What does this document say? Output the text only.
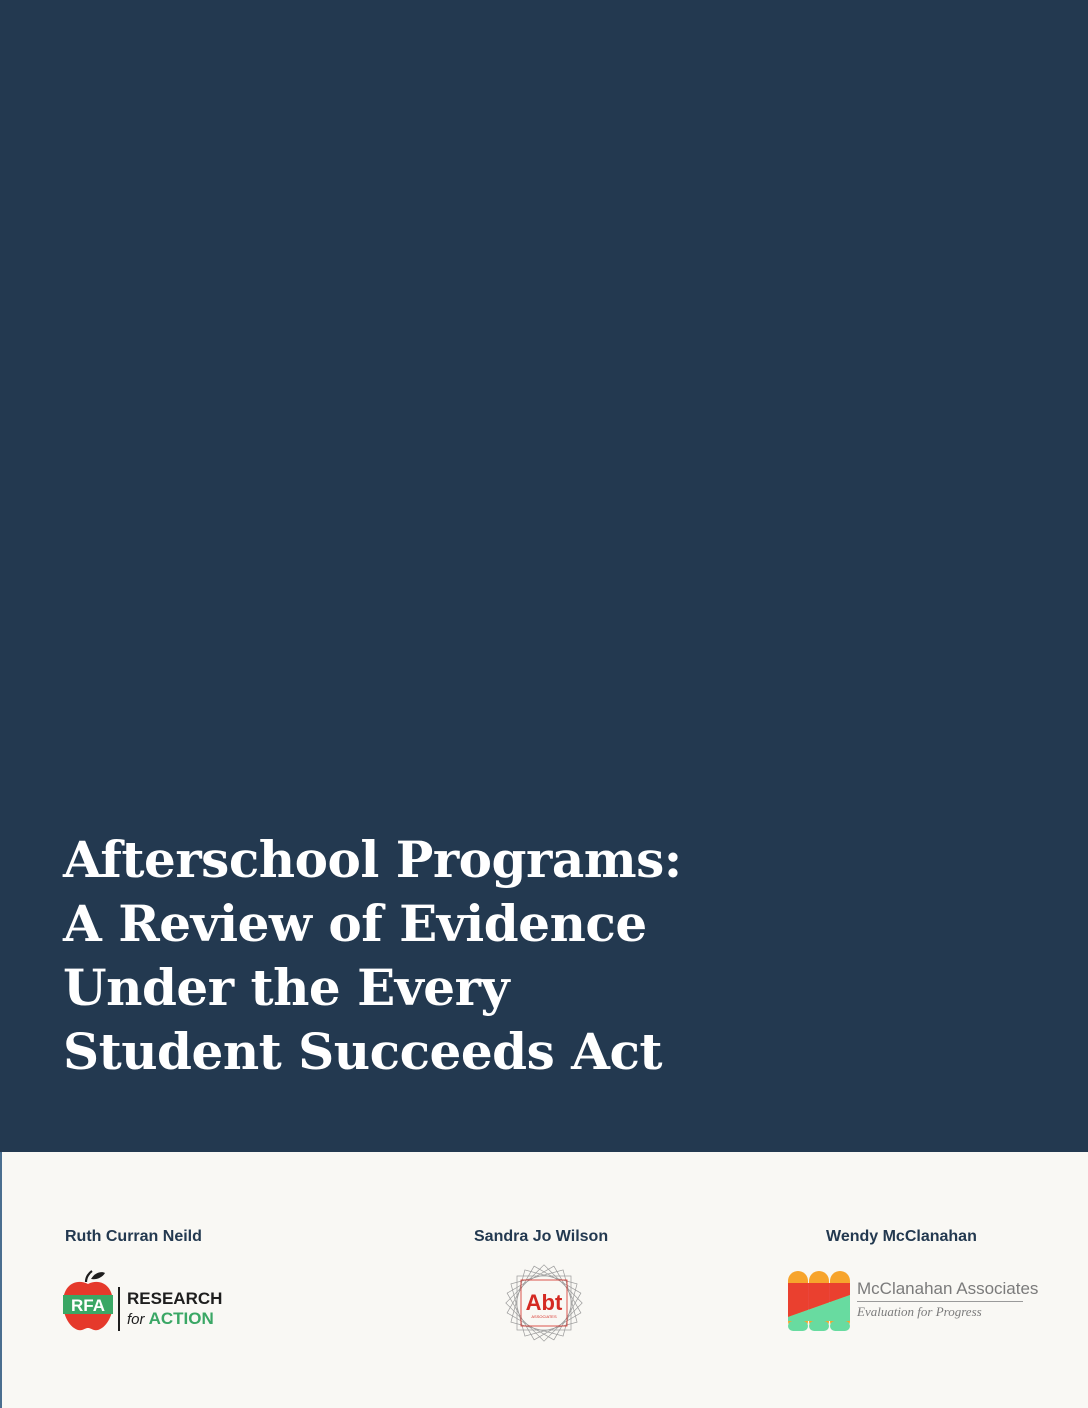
Afterschool Programs:
A Review of Evidence
Under the Every
Student Succeeds Act

Ruth Curran Neild

RFA RESEARCH
for ACTION

Sandra Jo Wilson

Abt
ASSOCIATES

Wendy McClanahan

McClanahan Associates

Evaluation for Progress
